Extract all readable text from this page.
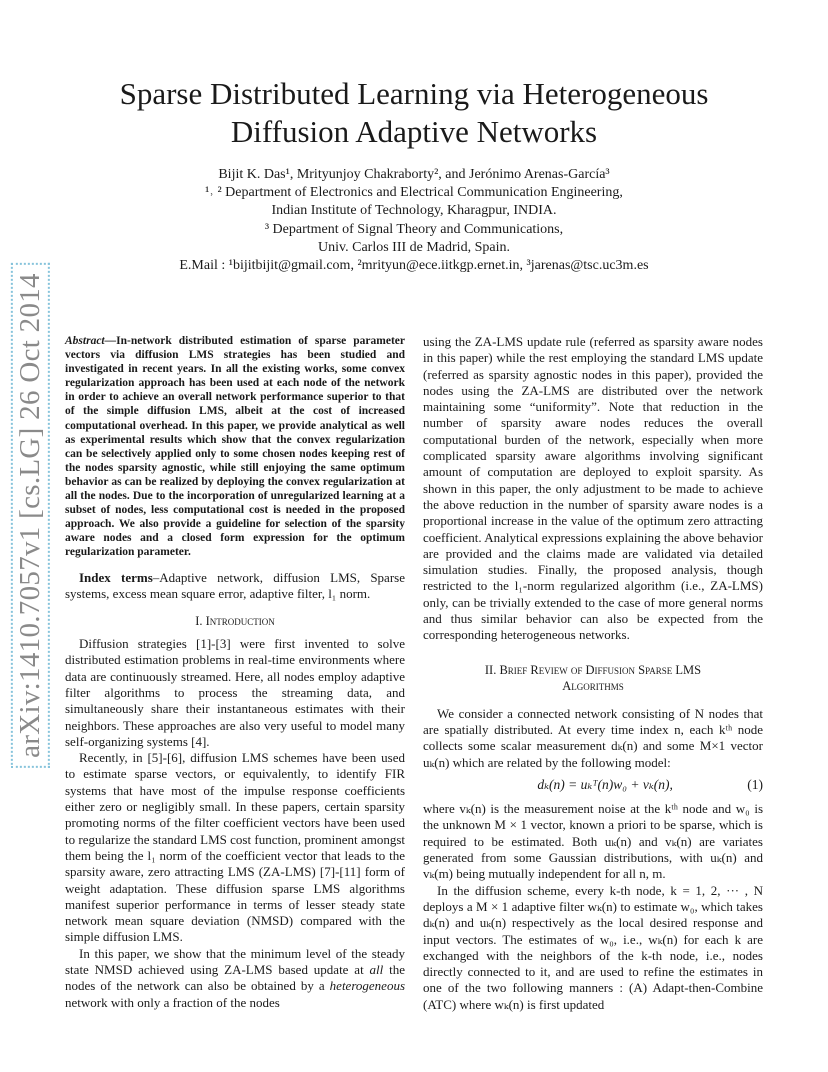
arXiv:1410.7057v1 [cs.LG] 26 Oct 2014
Sparse Distributed Learning via Heterogeneous
Diffusion Adaptive Networks
Bijit K. Das¹, Mrityunjoy Chakraborty², and Jerónimo Arenas-García³
¹˒ ² Department of Electronics and Electrical Communication Engineering,
Indian Institute of Technology, Kharagpur, INDIA.
³ Department of Signal Theory and Communications,
Univ. Carlos III de Madrid, Spain.
E.Mail : ¹bijitbijit@gmail.com, ²mrityun@ece.iitkgp.ernet.in, ³jarenas@tsc.uc3m.es

Abstract—In-network distributed estimation of sparse parameter vectors via diffusion LMS strategies has been studied and investigated in recent years. In all the existing works, some convex regularization approach has been used at each node of the network in order to achieve an overall network performance superior to that of the simple diffusion LMS, albeit at the cost of increased computational overhead. In this paper, we provide analytical as well as experimental results which show that the convex regularization can be selectively applied only to some chosen nodes keeping rest of the nodes sparsity agnostic, while still enjoying the same optimum behavior as can be realized by deploying the convex regularization at all the nodes. Due to the incorporation of unregularized learning at a subset of nodes, less computational cost is needed in the proposed approach. We also provide a guideline for selection of the sparsity aware nodes and a closed form expression for the optimum regularization parameter.

Index terms–Adaptive network, diffusion LMS, Sparse systems, excess mean square error, adaptive filter, l₁ norm.

I. Introduction

Diffusion strategies [1]-[3] were first invented to solve distributed estimation problems in real-time environments where data are continuously streamed. Here, all nodes employ adaptive filter algorithms to process the streaming data, and simultaneously share their instantaneous estimates with their neighbors. These approaches are also very useful to model many self-organizing systems [4].

Recently, in [5]-[6], diffusion LMS schemes have been used to estimate sparse vectors, or equivalently, to identify FIR systems that have most of the impulse response coefficients either zero or negligibly small. In these papers, certain sparsity promoting norms of the filter coefficient vectors have been used to regularize the standard LMS cost function, prominent amongst them being the l₁ norm of the coefficient vector that leads to the sparsity aware, zero attracting LMS (ZA-LMS) [7]-[11] form of weight adaptation. These diffusion sparse LMS algorithms manifest superior performance in terms of lesser steady state network mean square deviation (NMSD) compared with the simple diffusion LMS.

In this paper, we show that the minimum level of the steady state NMSD achieved using ZA-LMS based update at all the nodes of the network can also be obtained by a heterogeneous network with only a fraction of the nodes

using the ZA-LMS update rule (referred as sparsity aware nodes in this paper) while the rest employing the standard LMS update (referred as sparsity agnostic nodes in this paper), provided the nodes using the ZA-LMS are distributed over the network maintaining some “uniformity”. Note that reduction in the number of sparsity aware nodes reduces the overall computational burden of the network, especially when more complicated sparsity aware algorithms involving significant amount of computation are deployed to exploit sparsity. As shown in this paper, the only adjustment to be made to achieve the above reduction in the number of sparsity aware nodes is a proportional increase in the value of the optimum zero attracting coefficient. Analytical expressions explaining the above behavior are provided and the claims made are validated via detailed simulation studies. Finally, the proposed analysis, though restricted to the l₁-norm regularized algorithm (i.e., ZA-LMS) only, can be trivially extended to the case of more general norms and thus similar behavior can also be expected from the corresponding heterogeneous networks.

II. Brief Review of Diffusion Sparse LMS
Algorithms

We consider a connected network consisting of N nodes that are spatially distributed. At every time index n, each kᵗʰ node collects some scalar measurement dₖ(n) and some M×1 vector uₖ(n) which are related by the following model:

dₖ(n) = uₖᵀ(n)w₀ + vₖ(n),	(1)

where vₖ(n) is the measurement noise at the kᵗʰ node and w₀ is the unknown M × 1 vector, known a priori to be sparse, which is required to be estimated. Both uₖ(n) and vₖ(n) are variates generated from some Gaussian distributions, with uₖ(n) and vₖ(m) being mutually independent for all n, m.

In the diffusion scheme, every k-th node, k = 1, 2, ··· , N deploys a M × 1 adaptive filter wₖ(n) to estimate w₀, which takes dₖ(n) and uₖ(n) respectively as the local desired response and input vectors. The estimates of w₀, i.e., wₖ(n) for each k are exchanged with the neighbors of the k-th node, i.e., nodes directly connected to it, and are used to refine the estimates in one of the two following manners : (A) Adapt-then-Combine (ATC) where wₖ(n) is first updated
